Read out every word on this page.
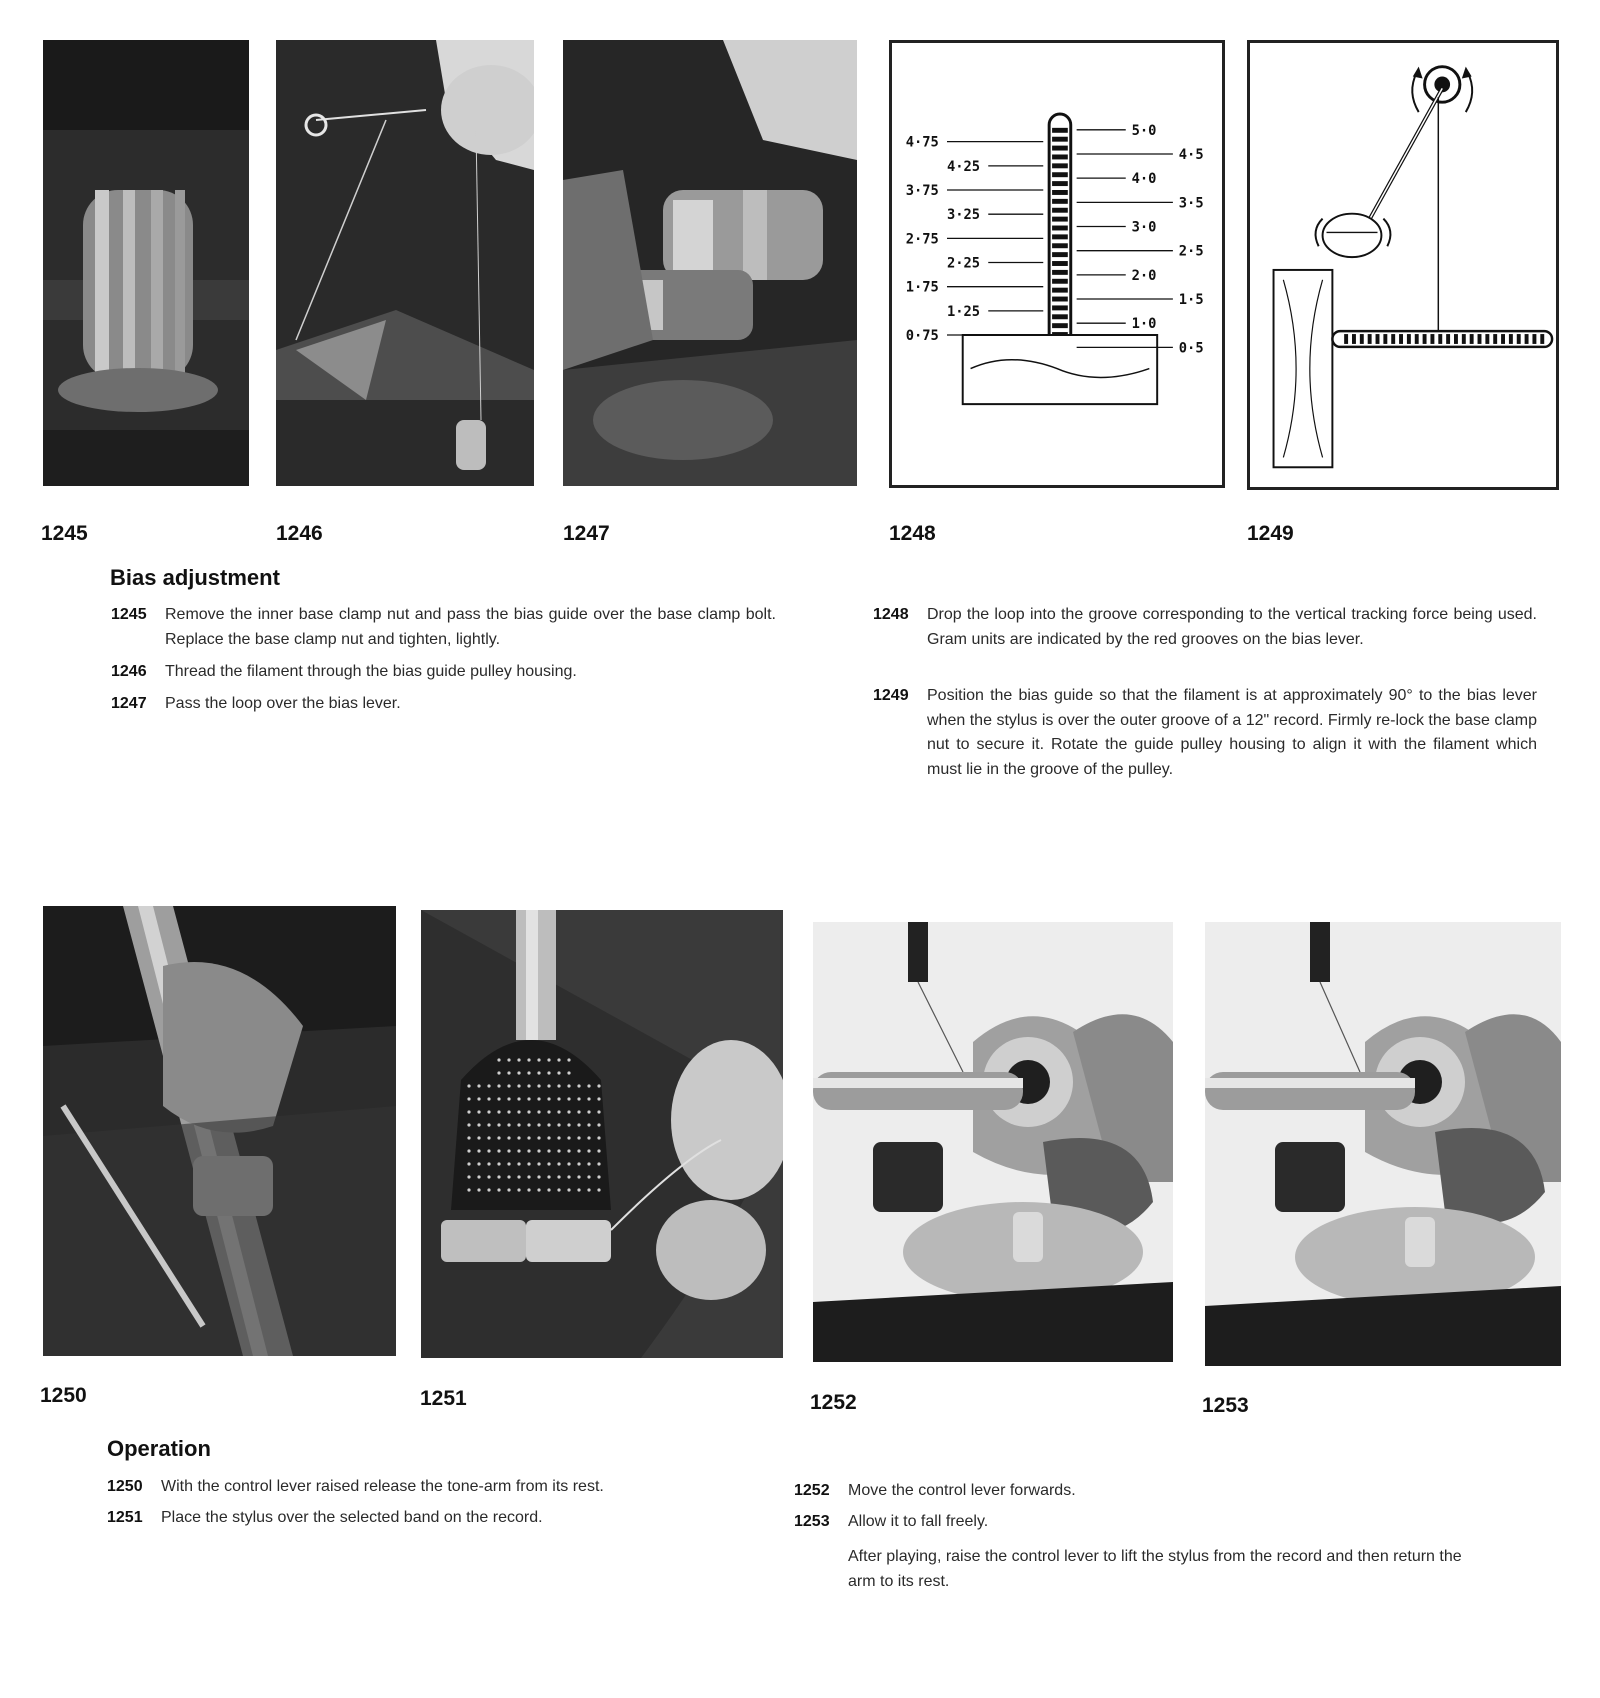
4·75
4·25
3·75
3·25
2·75
2·25
1·75
1·25
0·75
5·0
4·5
4·0
3·5
3·0
2·5
2·0
1·5
1·0
0·5
1245	1246	1247	1248	1249
Bias adjustment
1245 Remove the inner base clamp nut and pass the bias guide over the base clamp bolt. Replace the base clamp nut and tighten, lightly.
1246 Thread the filament through the bias guide pulley housing.
1247 Pass the loop over the bias lever.
1248 Drop the loop into the groove corresponding to the vertical tracking force being used. Gram units are indicated by the red grooves on the bias lever.
1249 Position the bias guide so that the filament is at approximately 90° to the bias lever when the stylus is over the outer groove of a 12" record. Firmly re-lock the base clamp nut to secure it. Rotate the guide pulley housing to align it with the filament which must lie in the groove of the pulley.
1250	1251	1252	1253
Operation
1250 With the control lever raised release the tone-arm from its rest.
1251 Place the stylus over the selected band on the record.
1252 Move the control lever forwards.
1253 Allow it to fall freely.
After playing, raise the control lever to lift the stylus from the record and then return the arm to its rest.
